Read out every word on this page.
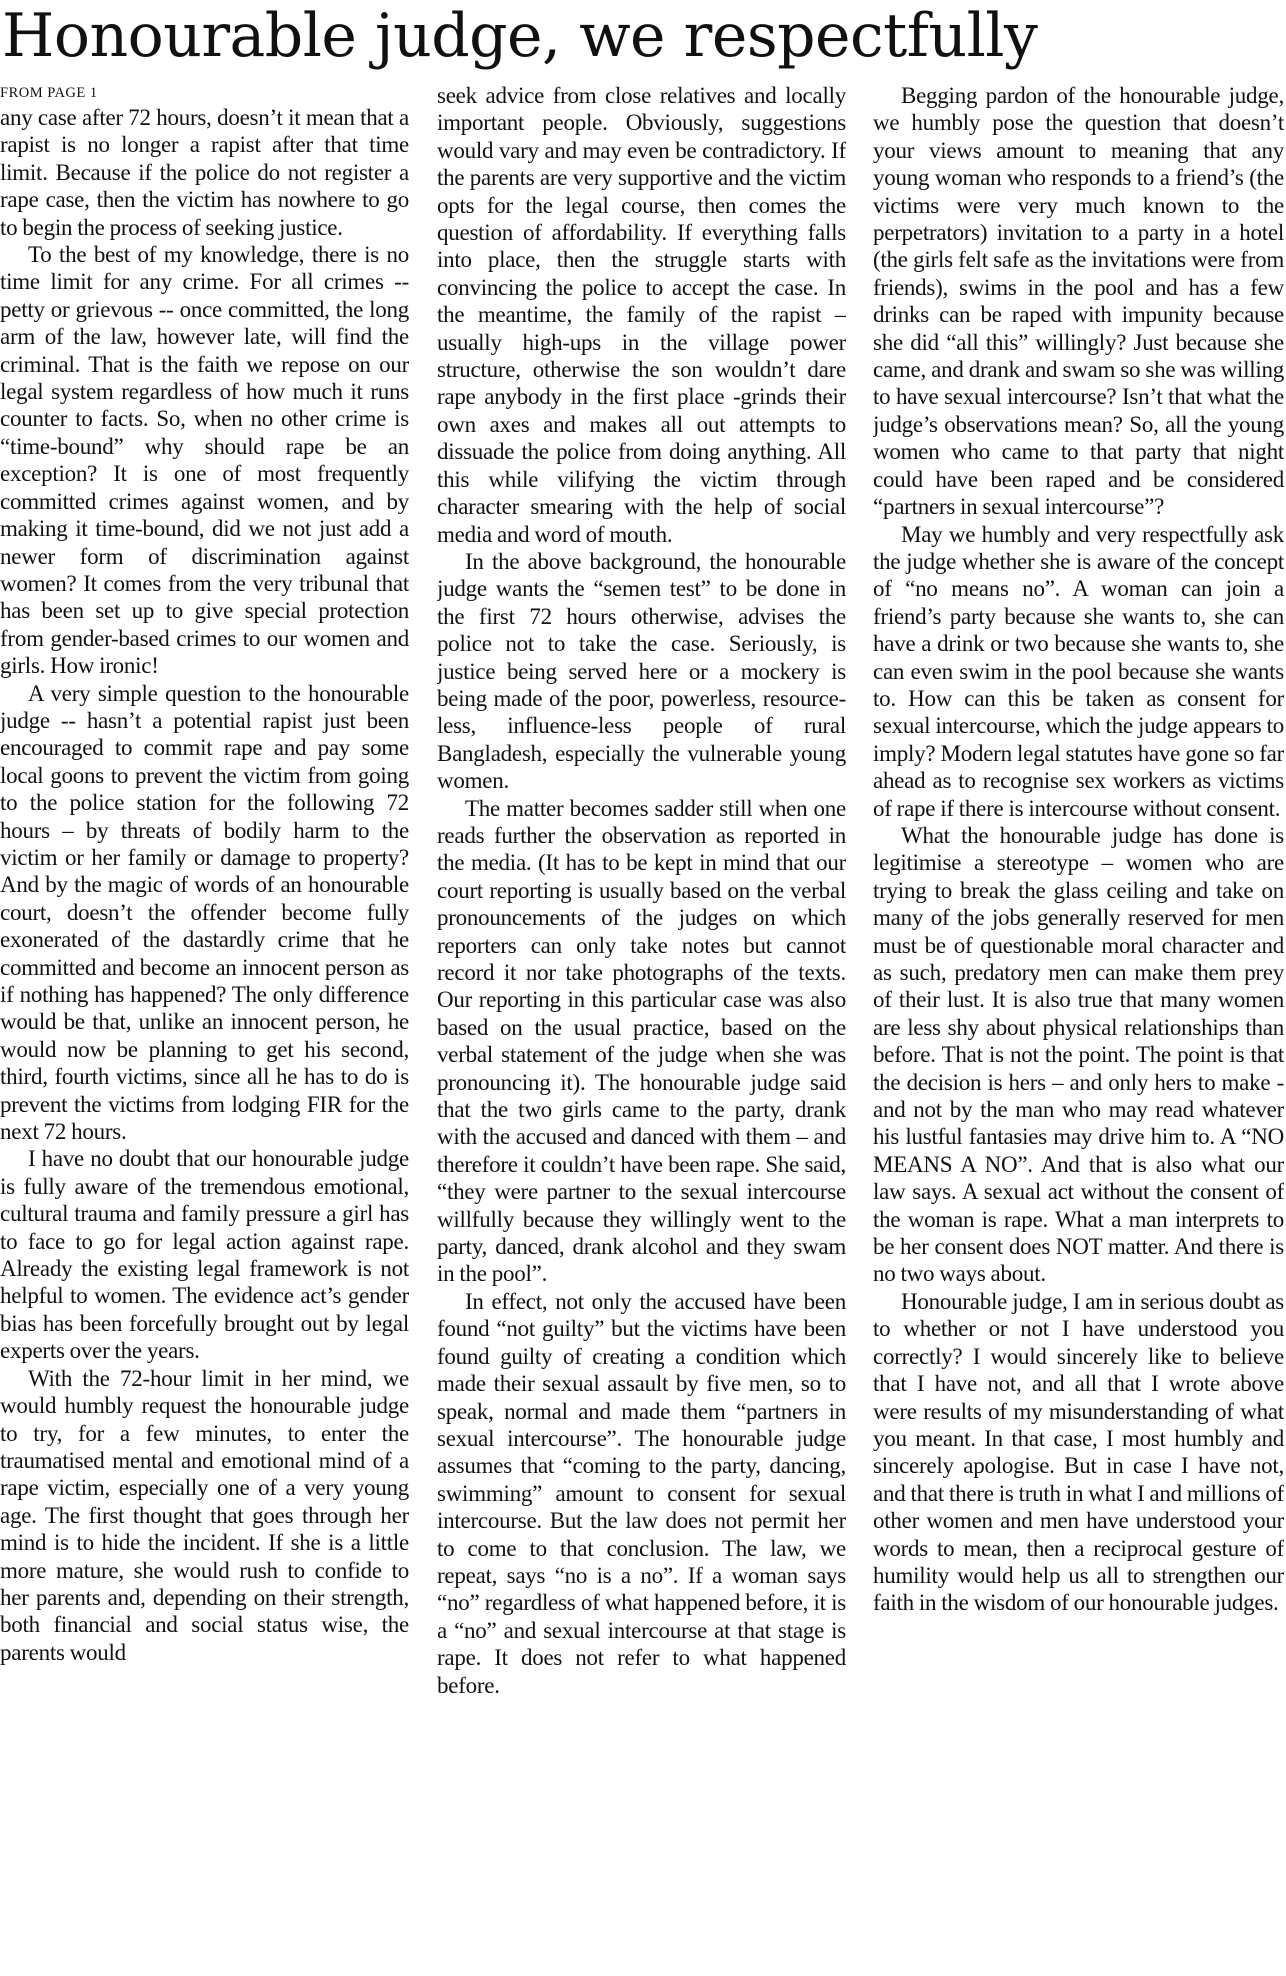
Honourable judge, we respectfully
FROM PAGE 1

any case after 72 hours, doesn’t it mean that a rapist is no longer a rapist after that time limit. Because if the police do not register a rape case, then the victim has nowhere to go to begin the process of seeking justice.

To the best of my knowledge, there is no time limit for any crime. For all crimes -- petty or grievous -- once committed, the long arm of the law, however late, will find the criminal. That is the faith we repose on our legal system regardless of how much it runs counter to facts. So, when no other crime is “time-bound” why should rape be an exception? It is one of most frequently committed crimes against women, and by making it time-bound, did we not just add a newer form of discrimination against women? It comes from the very tribunal that has been set up to give special protection from gender-based crimes to our women and girls. How ironic!

A very simple question to the honourable judge -- hasn’t a potential rapist just been encouraged to commit rape and pay some local goons to prevent the victim from going to the police station for the following 72 hours – by threats of bodily harm to the victim or her family or damage to property? And by the magic of words of an honourable court, doesn’t the offender become fully exonerated of the dastardly crime that he committed and become an innocent person as if nothing has happened? The only difference would be that, unlike an innocent person, he would now be planning to get his second, third, fourth victims, since all he has to do is prevent the victims from lodging FIR for the next 72 hours.

I have no doubt that our honourable judge is fully aware of the tremendous emotional, cultural trauma and family pressure a girl has to face to go for legal action against rape. Already the existing legal framework is not helpful to women. The evidence act’s gender bias has been forcefully brought out by legal experts over the years.

With the 72-hour limit in her mind, we would humbly request the honourable judge to try, for a few minutes, to enter the traumatised mental and emotional mind of a rape victim, especially one of a very young age. The first thought that goes through her mind is to hide the incident. If she is a little more mature, she would rush to confide to her parents and, depending on their strength, both financial and social status wise, the parents would

seek advice from close relatives and locally important people. Obviously, suggestions would vary and may even be contradictory. If the parents are very supportive and the victim opts for the legal course, then comes the question of affordability. If everything falls into place, then the struggle starts with convincing the police to accept the case. In the meantime, the family of the rapist – usually high-ups in the village power structure, otherwise the son wouldn’t dare rape anybody in the first place -grinds their own axes and makes all out attempts to dissuade the police from doing anything. All this while vilifying the victim through character smearing with the help of social media and word of mouth.

In the above background, the honourable judge wants the “semen test” to be done in the first 72 hours otherwise, advises the police not to take the case. Seriously, is justice being served here or a mockery is being made of the poor, powerless, resource-less, influence-less people of rural Bangladesh, especially the vulnerable young women.

The matter becomes sadder still when one reads further the observation as reported in the media. (It has to be kept in mind that our court reporting is usually based on the verbal pronouncements of the judges on which reporters can only take notes but cannot record it nor take photographs of the texts. Our reporting in this particular case was also based on the usual practice, based on the verbal statement of the judge when she was pronouncing it). The honourable judge said that the two girls came to the party, drank with the accused and danced with them – and therefore it couldn’t have been rape. She said, “they were partner to the sexual intercourse willfully because they willingly went to the party, danced, drank alcohol and they swam in the pool”.

In effect, not only the accused have been found “not guilty” but the victims have been found guilty of creating a condition which made their sexual assault by five men, so to speak, normal and made them “partners in sexual intercourse”. The honourable judge assumes that “coming to the party, dancing, swimming” amount to consent for sexual intercourse. But the law does not permit her to come to that conclusion. The law, we repeat, says “no is a no”. If a woman says “no” regardless of what happened before, it is a “no” and sexual intercourse at that stage is rape. It does not refer to what happened before.

Begging pardon of the honourable judge, we humbly pose the question that doesn’t your views amount to meaning that any young woman who responds to a friend’s (the victims were very much known to the perpetrators) invitation to a party in a hotel (the girls felt safe as the invitations were from friends), swims in the pool and has a few drinks can be raped with impunity because she did “all this” willingly? Just because she came, and drank and swam so she was willing to have sexual intercourse? Isn’t that what the judge’s observations mean? So, all the young women who came to that party that night could have been raped and be considered “partners in sexual intercourse”?

May we humbly and very respectfully ask the judge whether she is aware of the concept of “no means no”. A woman can join a friend’s party because she wants to, she can have a drink or two because she wants to, she can even swim in the pool because she wants to. How can this be taken as consent for sexual intercourse, which the judge appears to imply? Modern legal statutes have gone so far ahead as to recognise sex workers as victims of rape if there is intercourse without consent.

What the honourable judge has done is legitimise a stereotype – women who are trying to break the glass ceiling and take on many of the jobs generally reserved for men must be of questionable moral character and as such, predatory men can make them prey of their lust. It is also true that many women are less shy about physical relationships than before. That is not the point. The point is that the decision is hers – and only hers to make - and not by the man who may read whatever his lustful fantasies may drive him to. A “NO MEANS A NO”. And that is also what our law says. A sexual act without the consent of the woman is rape. What a man interprets to be her consent does NOT matter. And there is no two ways about.

Honourable judge, I am in serious doubt as to whether or not I have understood you correctly? I would sincerely like to believe that I have not, and all that I wrote above were results of my misunderstanding of what you meant. In that case, I most humbly and sincerely apologise. But in case I have not, and that there is truth in what I and millions of other women and men have understood your words to mean, then a reciprocal gesture of humility would help us all to strengthen our faith in the wisdom of our honourable judges.
